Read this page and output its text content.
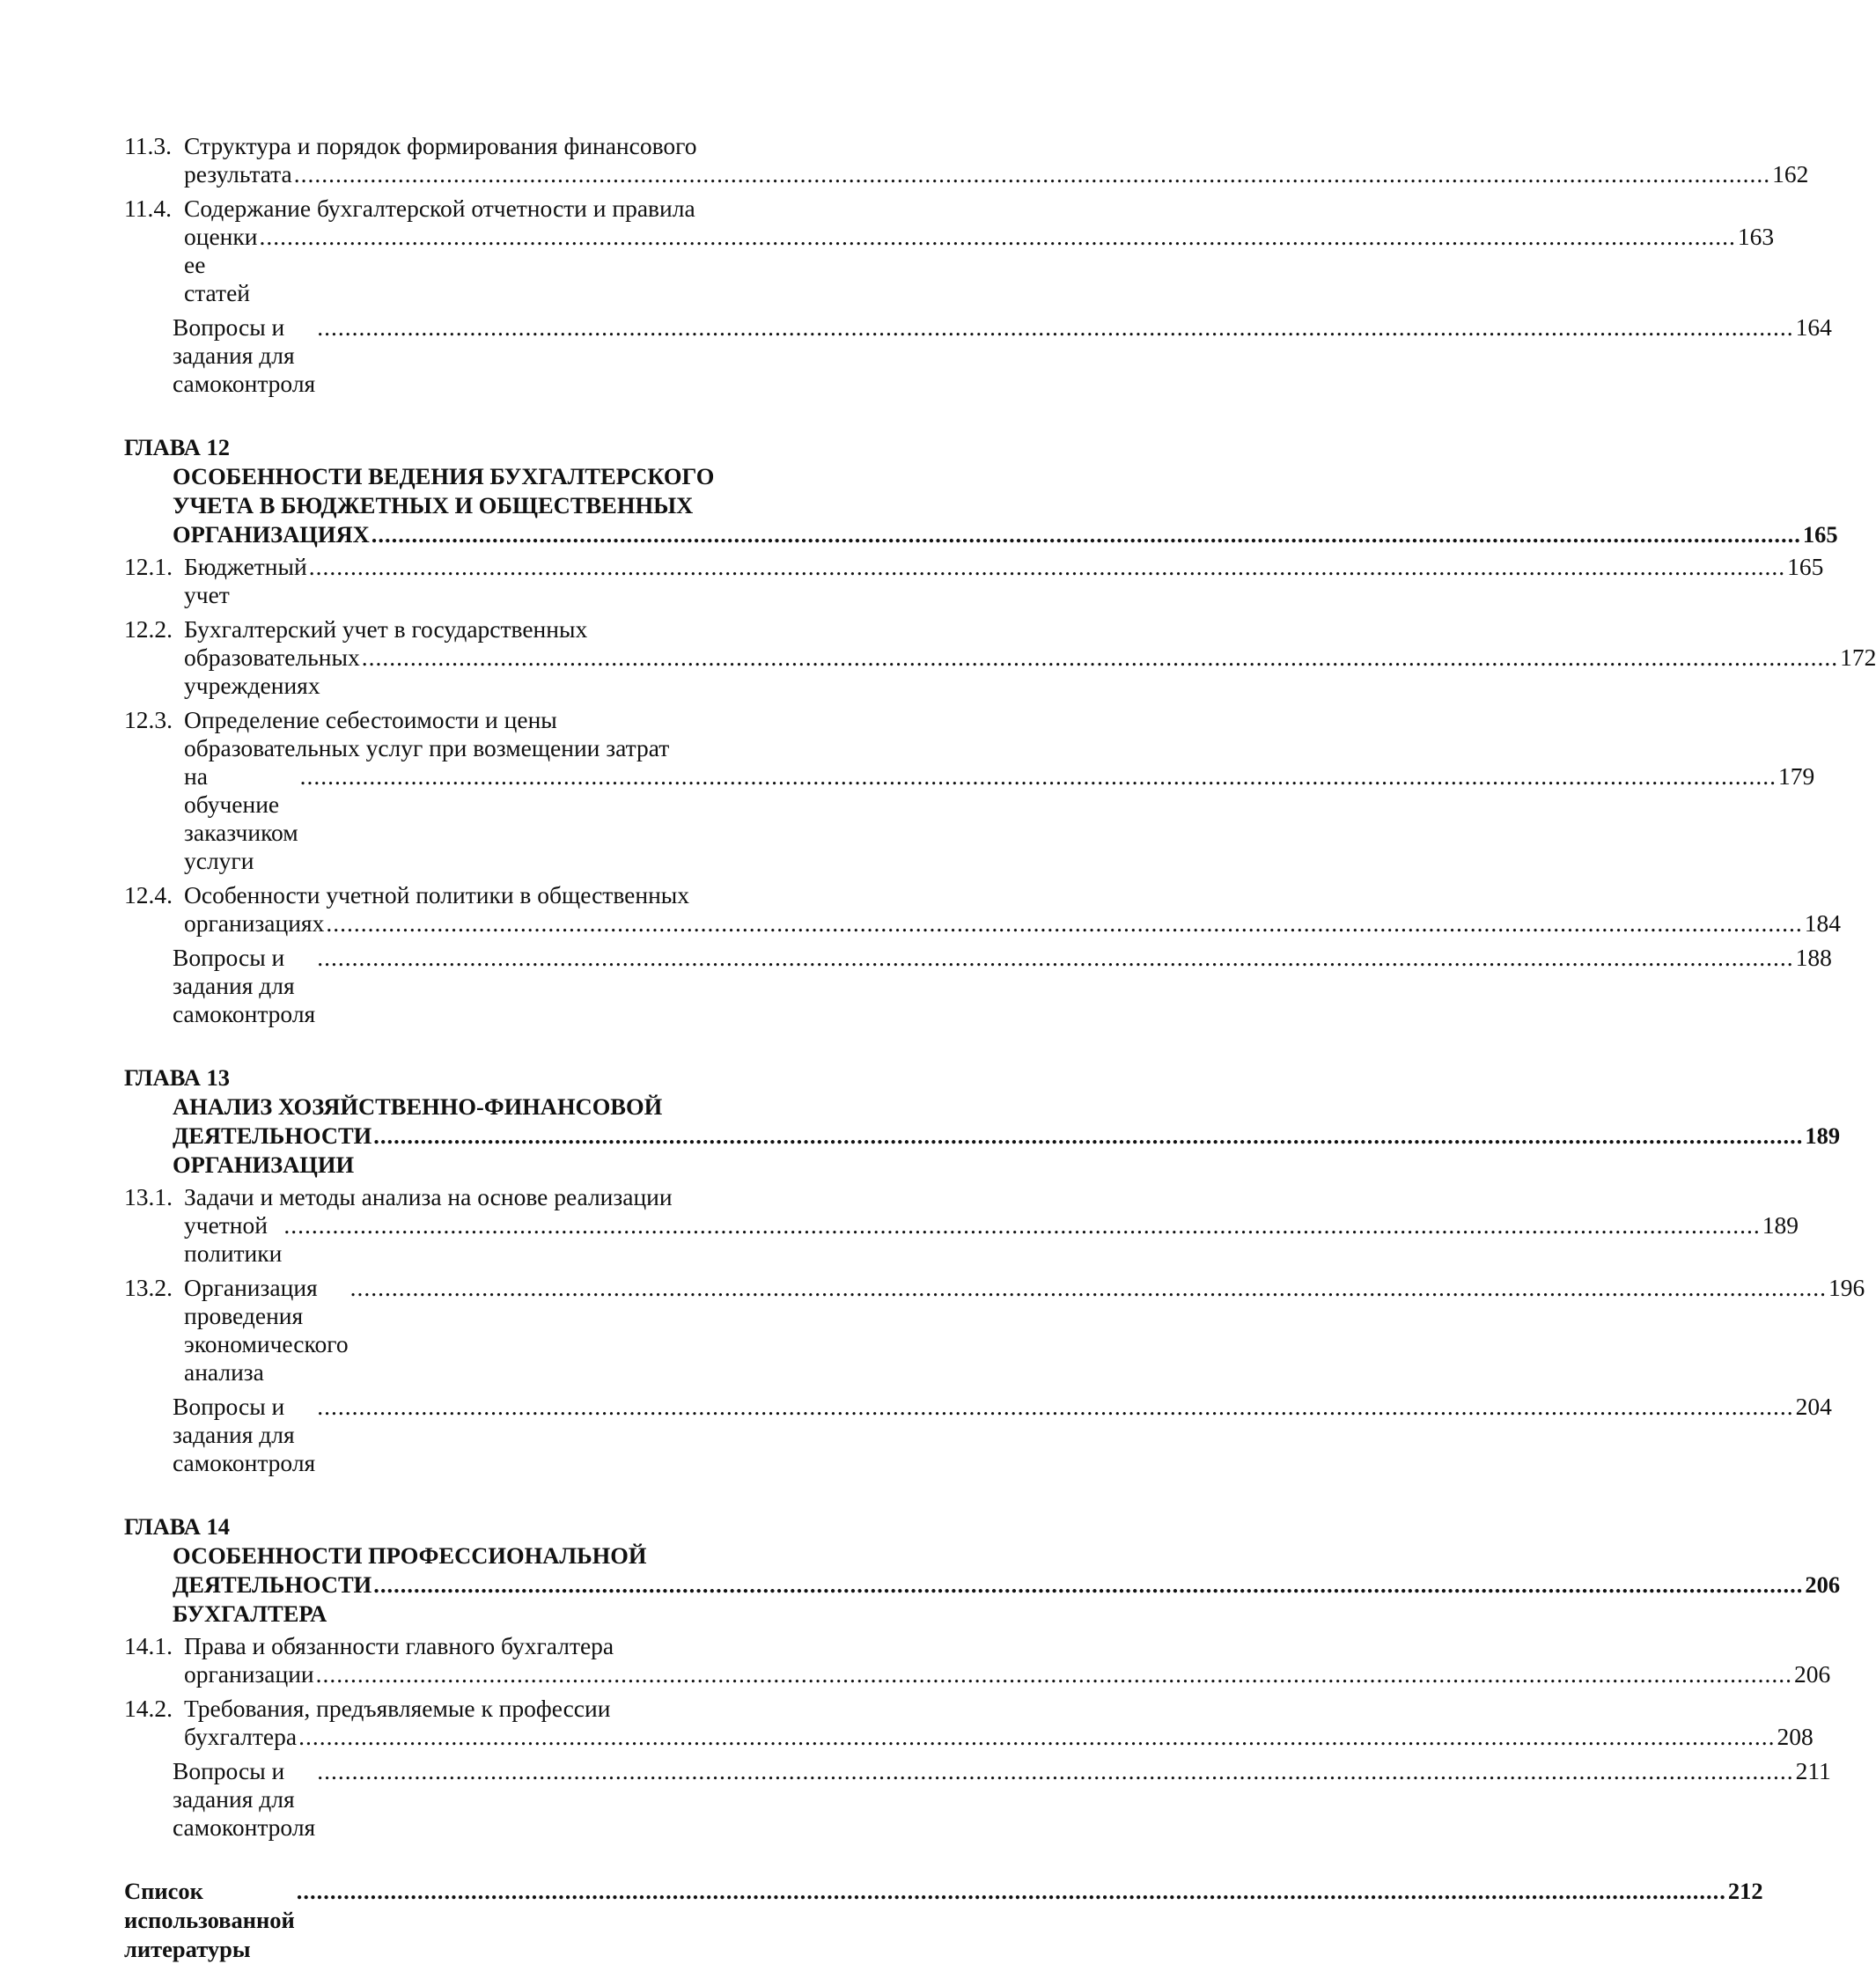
11.3. Структура и порядок формирования финансового
результата .....	162
11.4. Содержание бухгалтерской отчетности и правила
оценки ее статей
.....
163
Вопросы и задания для самоконтроля
.....
164
ГЛАВА 12
ОСОБЕННОСТИ ВЕДЕНИЯ БУХГАЛТЕРСКОГО
УЧЕТА В БЮДЖЕТНЫХ И ОБЩЕСТВЕННЫХ
ОРГАНИЗАЦИЯХ .....	165
12.1. Бюджетный учет
.....
165
12.2. Бухгалтерский учет в государственных
образовательных учреждениях
.....
172
12.3. Определение себестоимости и цены
образовательных услуг при возмещении затрат
на обучение заказчиком услуги
.....
179
12.4. Особенности учетной политики в общественных
организациях .....	184
Вопросы и задания для самоконтроля
.....
188
ГЛАВА 13
АНАЛИЗ ХОЗЯЙСТВЕННО-ФИНАНСОВОЙ
ДЕЯТЕЛЬНОСТИ ОРГАНИЗАЦИИ
.....
189
13.1. Задачи и методы анализа на основе реализации
учетной политики
.....
189
13.2. Организация проведения экономического анализа
.....
196
Вопросы и задания для самоконтроля
.....
204
ГЛАВА 14
ОСОБЕННОСТИ ПРОФЕССИОНАЛЬНОЙ
ДЕЯТЕЛЬНОСТИ БУХГАЛТЕРА
.....
206
14.1. Права и обязанности главного бухгалтера
организации .....	206
14.2. Требования, предъявляемые к профессии
бухгалтера .....	208
Вопросы и задания для самоконтроля
.....
211
Список использованной литературы
.....
212
